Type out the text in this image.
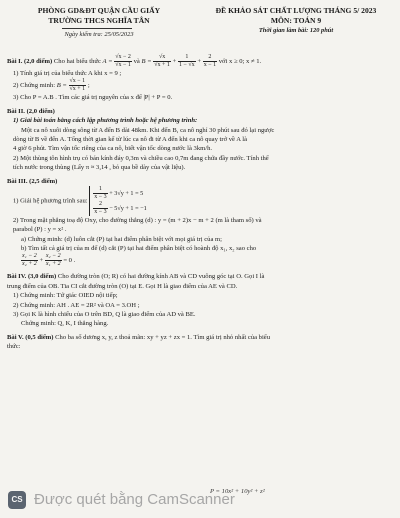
PHÒNG GD&ĐT QUẬN CẦU GIẤY
TRƯỜNG THCS NGHĨA TÂN
Ngày kiểm tra: 25/05/2023
ĐỀ KHẢO SÁT CHẤT LƯỢNG THÁNG 5/ 2023
MÔN: TOÁN 9
Thời gian làm bài: 120 phút
Bài I. (2,0 điểm) Cho hai biểu thức $A = \frac{√x - 2}{√x - 1}$ và $B = \frac{√x}{√x + 1} + \frac{1}{1 - √x} + \frac{2}{x - 1}$ với x ≥ 0; x ≠ 1.
1) Tính giá trị của biểu thức A khi x = 9 ;
2) Chứng minh: $B = \frac{√x - 1}{√x + 1}$ ;
3) Cho P = A.B . Tìm các giá trị nguyên của x để |P| + P = 0.
Bài II. (2,0 điểm)
1) Giải bài toán bằng cách lập phương trình hoặc hệ phương trình:
Một ca nô xuôi dòng sông từ A đến B dài 48km. Khi đến B, ca nô nghỉ 30 phút sau đó lại ngược
dòng từ B về đến A. Tổng thời gian kể từ lúc ca nô đi từ A đến khi ca nô quay trở về A là
4 giờ 6 phút. Tìm vận tốc riêng của ca nô, biết vận tốc dòng nước là 3km/h.
2) Một thùng tôn hình trụ có bán kính đáy 0,3m và chiều cao 0,7m đang chứa đầy nước. Tính thể
tích nước trong thùng (Lấy π ≈ 3,14 , bỏ qua bề dày của vật liệu).
Bài III. (2,5 điểm)
1) Giải hệ phương trình sau:
$\frac{1}{x - 3} + 3√y + 1 = 5$
$\frac{2}{x - 3} - 5√y + 1 = -1$
2) Trong mặt phẳng toạ độ Oxy, cho đường thẳng (d) : y = (m + 2)x − m + 2 (m là tham số) và
parabol (P) : y = x² .
a) Chứng minh: (d) luôn cắt (P) tại hai điểm phân biệt với mọi giá trị của m;
b) Tìm tất cả giá trị của m để (d) cắt (P) tại hai điểm phân biệt có hoành độ x₁, x₂ sao cho
$\frac{\text{x₁ − 2}}{\text{x₂ + 2}} + \frac{\text{x₂ − 2}}{\text{x₁ + 2}} = 0$ .
Bài IV. (3,0 điểm) Cho đường tròn (O; R) có hai đường kính AB và CD vuông góc tại O. Gọi I là
trung điểm của OB. Tia CI cắt đường tròn (O) tại E. Gọi H là giao điểm của AE và CD.
1) Chứng minh: Tứ giác OIED nội tiếp;
2) Chứng minh: AH . AE = 2R² và OA = 3.OH ;
3) Gọi K là hình chiếu của O trên BD, Q là giao điểm của AD và BE.
Chứng minh: Q, K, I thẳng hàng.
Bài V. (0,5 điểm) Cho ba số dương x, y, z thoả mãn: xy + yz + zx = 1. Tìm giá trị nhỏ nhất của biểu
thức:
CS Được quét bằng CamScanner
P = 10x² + 10y² + z²
